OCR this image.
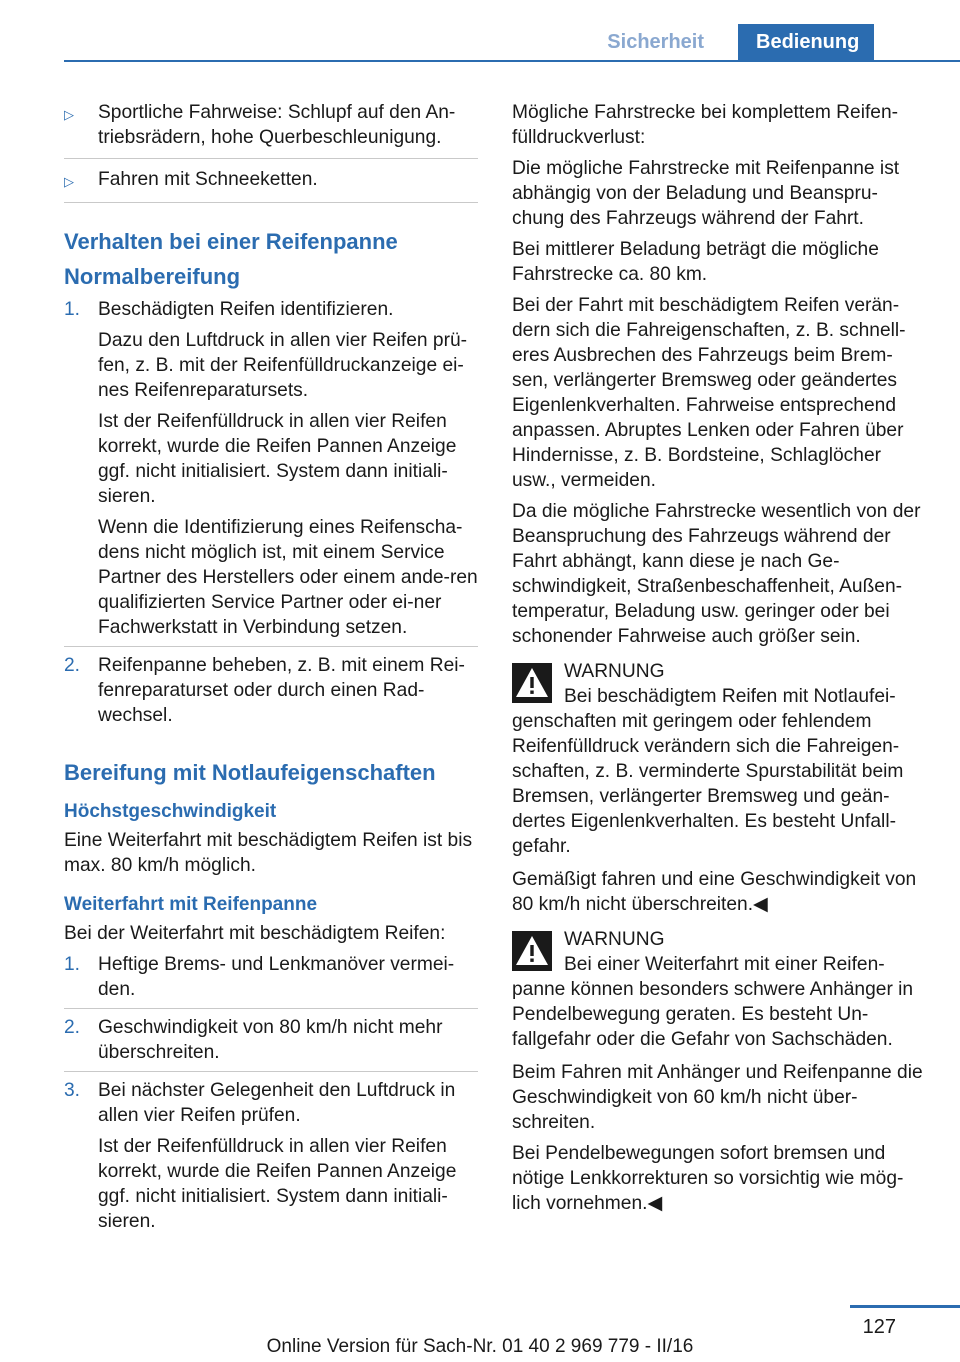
Sicherheit	Bedienung
▷	Sportliche Fahrweise: Schlupf auf den An‐triebsrädern, hohe Querbeschleunigung.
▷	Fahren mit Schneeketten.
Verhalten bei einer Reifenpanne
Normalbereifung
1. Beschädigten Reifen identifizieren.

Dazu den Luftdruck in allen vier Reifen prü‐fen, z. B. mit der Reifenfülldruckanzeige ei‐nes Reifenreparatursets.

Ist der Reifenfülldruck in allen vier Reifen korrekt, wurde die Reifen Pannen Anzeige ggf. nicht initialisiert. System dann initiali‐sieren.

Wenn die Identifizierung eines Reifenscha‐dens nicht möglich ist, mit einem Service Partner des Herstellers oder einem ande‐ren qualifizierten Service Partner oder ei‐ner Fachwerkstatt in Verbindung setzen.

2. Reifenpanne beheben, z. B. mit einem Rei‐fenreparaturset oder durch einen Rad‐wechsel.

Bereifung mit Notlaufeigenschaften
Höchstgeschwindigkeit

Eine Weiterfahrt mit beschädigtem Reifen ist bis max. 80 km/h möglich.

Weiterfahrt mit Reifenpanne

Bei der Weiterfahrt mit beschädigtem Reifen:

1. Heftige Brems- und Lenkmanöver vermei‐den.

2. Geschwindigkeit von 80 km/h nicht mehr überschreiten.

3. Bei nächster Gelegenheit den Luftdruck in allen vier Reifen prüfen.

Ist der Reifenfülldruck in allen vier Reifen korrekt, wurde die Reifen Pannen Anzeige ggf. nicht initialisiert. System dann initiali‐sieren.

Mögliche Fahrstrecke bei komplettem Reifen‐fülldruckverlust:

Die mögliche Fahrstrecke mit Reifenpanne ist abhängig von der Beladung und Beanspru‐chung des Fahrzeugs während der Fahrt.

Bei mittlerer Beladung beträgt die mögliche Fahrstrecke ca. 80 km.

Bei der Fahrt mit beschädigtem Reifen verän‐dern sich die Fahreigenschaften, z. B. schnell‐eres Ausbrechen des Fahrzeugs beim Brem‐sen, verlängerter Bremsweg oder geändertes Eigenlenkverhalten. Fahrweise entsprechend anpassen. Abruptes Lenken oder Fahren über Hindernisse, z. B. Bordsteine, Schlaglöcher usw., vermeiden.

Da die mögliche Fahrstrecke wesentlich von der Beanspruchung des Fahrzeugs während der Fahrt abhängt, kann diese je nach Ge‐schwindigkeit, Straßenbeschaffenheit, Außen‐temperatur, Beladung usw. geringer oder bei schonender Fahrweise auch größer sein.

WARNUNG

Bei beschädigtem Reifen mit Notlaufei‐genschaften mit geringem oder fehlendem Reifenfülldruck verändern sich die Fahreigen‐schaften, z. B. verminderte Spurstabilität beim Bremsen, verlängerter Bremsweg und geän‐dertes Eigenlenkverhalten. Es besteht Unfall‐gefahr.

Gemäßigt fahren und eine Geschwindigkeit von 80 km/h nicht überschreiten.◀

WARNUNG

Bei einer Weiterfahrt mit einer Reifen‐panne können besonders schwere Anhänger in Pendelbewegung geraten. Es besteht Un‐fallgefahr oder die Gefahr von Sachschäden.

Beim Fahren mit Anhänger und Reifenpanne die Geschwindigkeit von 60 km/h nicht über‐schreiten.

Bei Pendelbewegungen sofort bremsen und nötige Lenkkorrekturen so vorsichtig wie mög‐lich vornehmen.◀

127
Online Version für Sach-Nr. 01 40 2 969 779 - II/16
